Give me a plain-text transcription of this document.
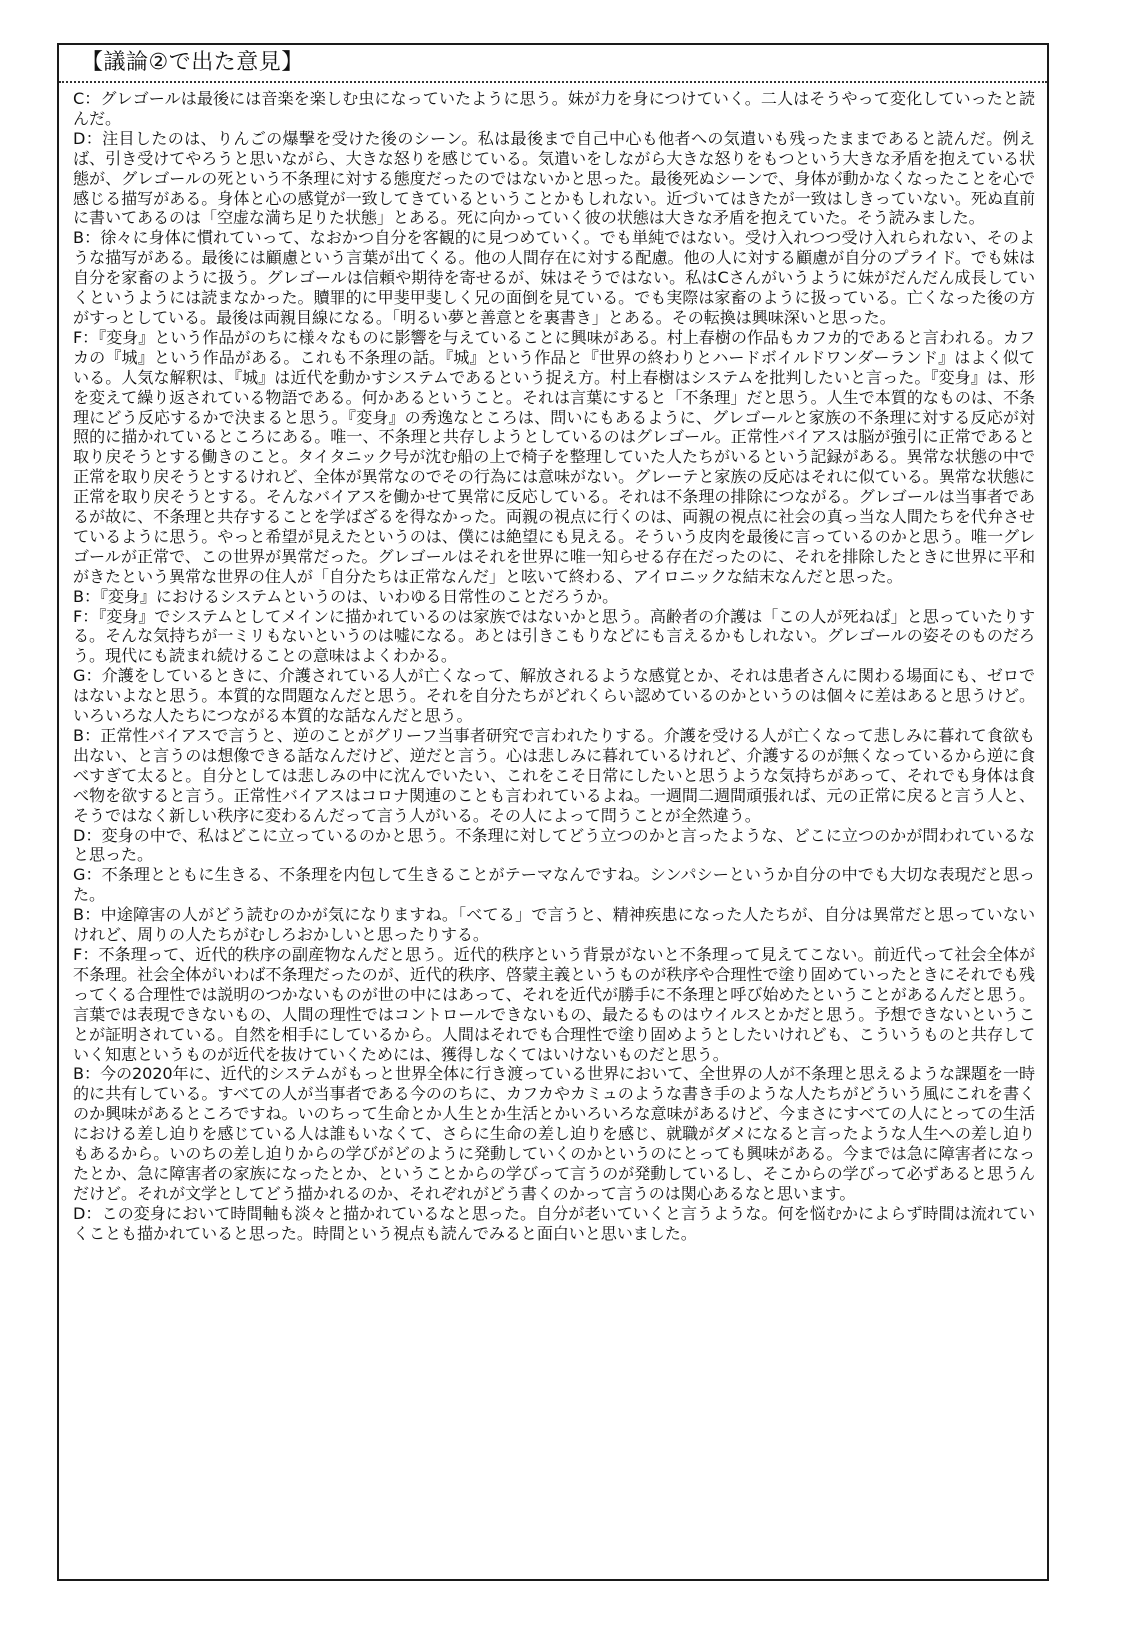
【議論②で出た意見】

C：グレゴールは最後には音楽を楽しむ虫になっていたように思う。妹が力を身につけていく。二人はそうやって変化していったと読んだ。

D：注目したのは、りんごの爆撃を受けた後のシーン。私は最後まで自己中心も他者への気遣いも残ったままであると読んだ。例えば、引き受けてやろうと思いながら、大きな怒りを感じている。気遣いをしながら大きな怒りをもつという大きな矛盾を抱えている状態が、グレゴールの死という不条理に対する態度だったのではないかと思った。最後死ぬシーンで、身体が動かなくなったことを心で感じる描写がある。身体と心の感覚が一致してきているということかもしれない。近づいてはきたが一致はしきっていない。死ぬ直前に書いてあるのは「空虚な満ち足りた状態」とある。死に向かっていく彼の状態は大きな矛盾を抱えていた。そう読みました。

B：徐々に身体に慣れていって、なおかつ自分を客観的に見つめていく。でも単純ではない。受け入れつつ受け入れられない、そのような描写がある。最後には顧慮という言葉が出てくる。他の人間存在に対する配慮。他の人に対する顧慮が自分のプライド。でも妹は自分を家畜のように扱う。グレゴールは信頼や期待を寄せるが、妹はそうではない。私はCさんがいうように妹がだんだん成長していくというようには読まなかった。贖罪的に甲斐甲斐しく兄の面倒を見ている。でも実際は家畜のように扱っている。亡くなった後の方がすっとしている。最後は両親目線になる。「明るい夢と善意とを裏書き」とある。その転換は興味深いと思った。

F：『変身』という作品がのちに様々なものに影響を与えていることに興味がある。村上春樹の作品もカフカ的であると言われる。カフカの『城』という作品がある。これも不条理の話。『城』という作品と『世界の終わりとハードボイルドワンダーランド』はよく似ている。人気な解釈は、『城』は近代を動かすシステムであるという捉え方。村上春樹はシステムを批判したいと言った。『変身』は、形を変えて繰り返されている物語である。何かあるということ。それは言葉にすると「不条理」だと思う。人生で本質的なものは、不条理にどう反応するかで決まると思う。『変身』の秀逸なところは、問いにもあるように、グレゴールと家族の不条理に対する反応が対照的に描かれているところにある。唯一、不条理と共存しようとしているのはグレゴール。正常性バイアスは脳が強引に正常であると取り戻そうとする働きのこと。タイタニック号が沈む船の上で椅子を整理していた人たちがいるという記録がある。異常な状態の中で正常を取り戻そうとするけれど、全体が異常なのでその行為には意味がない。グレーテと家族の反応はそれに似ている。異常な状態に正常を取り戻そうとする。そんなバイアスを働かせて異常に反応している。それは不条理の排除につながる。グレゴールは当事者であるが故に、不条理と共存することを学ばざるを得なかった。両親の視点に行くのは、両親の視点に社会の真っ当な人間たちを代弁させているように思う。やっと希望が見えたというのは、僕には絶望にも見える。そういう皮肉を最後に言っているのかと思う。唯一グレゴールが正常で、この世界が異常だった。グレゴールはそれを世界に唯一知らせる存在だったのに、それを排除したときに世界に平和がきたという異常な世界の住人が「自分たちは正常なんだ」と呟いて終わる、アイロニックな結末なんだと思った。

B：『変身』におけるシステムというのは、いわゆる日常性のことだろうか。

F：『変身』でシステムとしてメインに描かれているのは家族ではないかと思う。高齢者の介護は「この人が死ねば」と思っていたりする。そんな気持ちが一ミリもないというのは嘘になる。あとは引きこもりなどにも言えるかもしれない。グレゴールの姿そのものだろう。現代にも読まれ続けることの意味はよくわかる。

G：介護をしているときに、介護されている人が亡くなって、解放されるような感覚とか、それは患者さんに関わる場面にも、ゼロではないよなと思う。本質的な問題なんだと思う。それを自分たちがどれくらい認めているのかというのは個々に差はあると思うけど。いろいろな人たちにつながる本質的な話なんだと思う。

B：正常性バイアスで言うと、逆のことがグリーフ当事者研究で言われたりする。介護を受ける人が亡くなって悲しみに暮れて食欲も出ない、と言うのは想像できる話なんだけど、逆だと言う。心は悲しみに暮れているけれど、介護するのが無くなっているから逆に食べすぎて太ると。自分としては悲しみの中に沈んでいたい、これをこそ日常にしたいと思うような気持ちがあって、それでも身体は食べ物を欲すると言う。正常性バイアスはコロナ関連のことも言われているよね。一週間二週間頑張れば、元の正常に戻ると言う人と、そうではなく新しい秩序に変わるんだって言う人がいる。その人によって問うことが全然違う。

D：変身の中で、私はどこに立っているのかと思う。不条理に対してどう立つのかと言ったような、どこに立つのかが問われているなと思った。

G：不条理とともに生きる、不条理を内包して生きることがテーマなんですね。シンパシーというか自分の中でも大切な表現だと思った。

B：中途障害の人がどう読むのかが気になりますね。「べてる」で言うと、精神疾患になった人たちが、自分は異常だと思っていないけれど、周りの人たちがむしろおかしいと思ったりする。

F：不条理って、近代的秩序の副産物なんだと思う。近代的秩序という背景がないと不条理って見えてこない。前近代って社会全体が不条理。社会全体がいわば不条理だったのが、近代的秩序、啓蒙主義というものが秩序や合理性で塗り固めていったときにそれでも残ってくる合理性では説明のつかないものが世の中にはあって、それを近代が勝手に不条理と呼び始めたということがあるんだと思う。言葉では表現できないもの、人間の理性ではコントロールできないもの、最たるものはウイルスとかだと思う。予想できないということが証明されている。自然を相手にしているから。人間はそれでも合理性で塗り固めようとしたいけれども、こういうものと共存していく知恵というものが近代を抜けていくためには、獲得しなくてはいけないものだと思う。

B：今の2020年に、近代的システムがもっと世界全体に行き渡っている世界において、全世界の人が不条理と思えるような課題を一時的に共有している。すべての人が当事者である今ののちに、カフカやカミュのような書き手のような人たちがどういう風にこれを書くのか興味があるところですね。いのちって生命とか人生とか生活とかいろいろな意味があるけど、今まさにすべての人にとっての生活における差し迫りを感じている人は誰もいなくて、さらに生命の差し迫りを感じ、就職がダメになると言ったような人生への差し迫りもあるから。いのちの差し迫りからの学びがどのように発動していくのかというのにとっても興味がある。今までは急に障害者になったとか、急に障害者の家族になったとか、ということからの学びって言うのが発動しているし、そこからの学びって必ずあると思うんだけど。それが文学としてどう描かれるのか、それぞれがどう書くのかって言うのは関心あるなと思います。

D：この変身において時間軸も淡々と描かれているなと思った。自分が老いていくと言うような。何を悩むかによらず時間は流れていくことも描かれていると思った。時間という視点も読んでみると面白いと思いました。
